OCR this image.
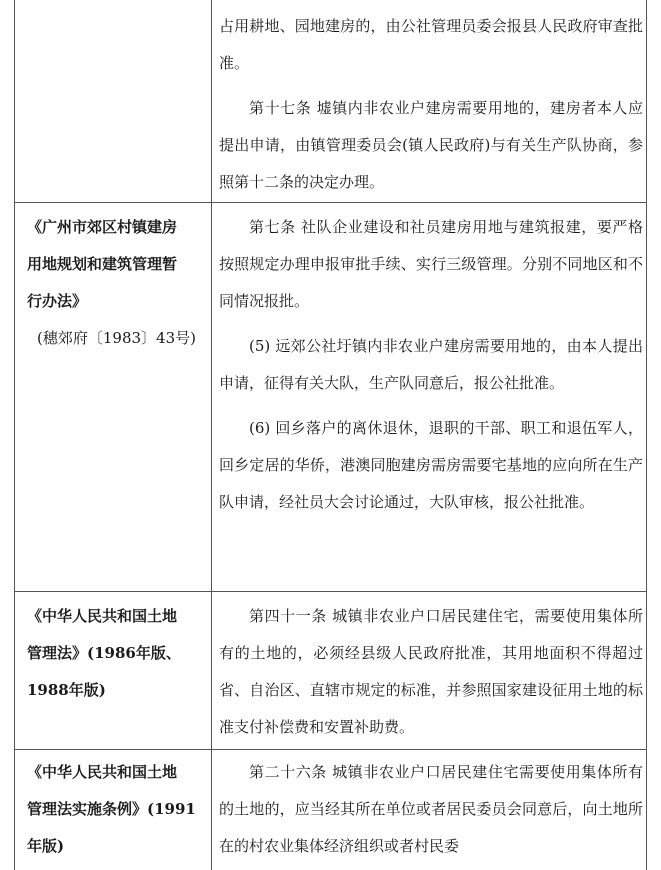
占用耕地、园地建房的，由公社管理员委会报县人民政府审查批准。

第十七条 墟镇内非农业户建房需要用地的，建房者本人应提出申请，由镇管理委员会(镇人民政府)与有关生产队协商，参照第十二条的决定办理。

《广州市郊区村镇建房
用地规划和建筑管理暂
行办法》
(穗郊府〔1983〕43号)

第七条 社队企业建设和社员建房用地与建筑报建，要严格按照规定办理申报审批手续、实行三级管理。分别不同地区和不同情况报批。

(5) 远郊公社圩镇内非农业户建房需要用地的，由本人提出申请，征得有关大队，生产队同意后，报公社批准。

(6) 回乡落户的离休退休，退职的干部、职工和退伍军人，回乡定居的华侨，港澳同胞建房需房需要宅基地的应向所在生产队申请，经社员大会讨论通过，大队审核，报公社批准。

《中华人民共和国土地
管理法》(1986年版、
1988年版)

第四十一条 城镇非农业户口居民建住宅，需要使用集体所有的土地的，必须经县级人民政府批准，其用地面积不得超过省、自治区、直辖市规定的标准，并参照国家建设征用土地的标准支付补偿费和安置补助费。

《中华人民共和国土地
管理法实施条例》(1991
年版)

第二十六条 城镇非农业户口居民建住宅需要使用集体所有的土地的，应当经其所在单位或者居民委员会同意后，向土地所在的村农业集体经济组织或者村民委
